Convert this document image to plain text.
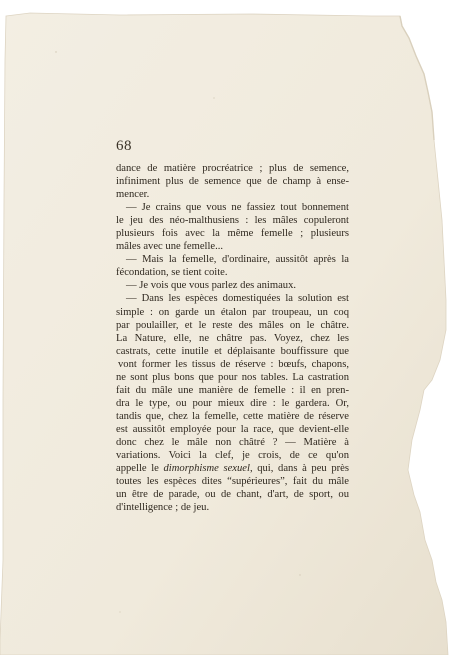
68
dance de matière procréatrice ; plus de semence,
infiniment plus de semence que de champ à ense-
mencer.
— Je crains que vous ne fassiez tout bonnement
le jeu des néo-malthusiens : les mâles copuleront
plusieurs fois avec la même femelle ; plusieurs
mâles avec une femelle...
— Mais la femelle, d'ordinaire, aussitôt après la
fécondation, se tient coite.
— Je vois que vous parlez des animaux.
— Dans les espèces domestiquées la solution est
simple : on garde un étalon par troupeau, un coq
par poulailler, et le reste des mâles on le châtre.
La Nature, elle, ne châtre pas. Voyez, chez les
castrats, cette inutile et déplaisante bouffissure que
vont former les tissus de réserve : bœufs, chapons,
ne sont plus bons que pour nos tables. La castration
fait du mâle une manière de femelle : il en pren-
dra le type, ou pour mieux dire : le gardera. Or,
tandis que, chez la femelle, cette matière de réserve
est aussitôt employée pour la race, que devient-elle
donc chez le mâle non châtré ? — Matière à
variations. Voici la clef, je crois, de ce qu'on
appelle le dimorphisme sexuel, qui, dans à peu près
toutes les espèces dites “supérieures”, fait du mâle
un être de parade, ou de chant, d'art, de sport, ou
d'intelligence ; de jeu.
